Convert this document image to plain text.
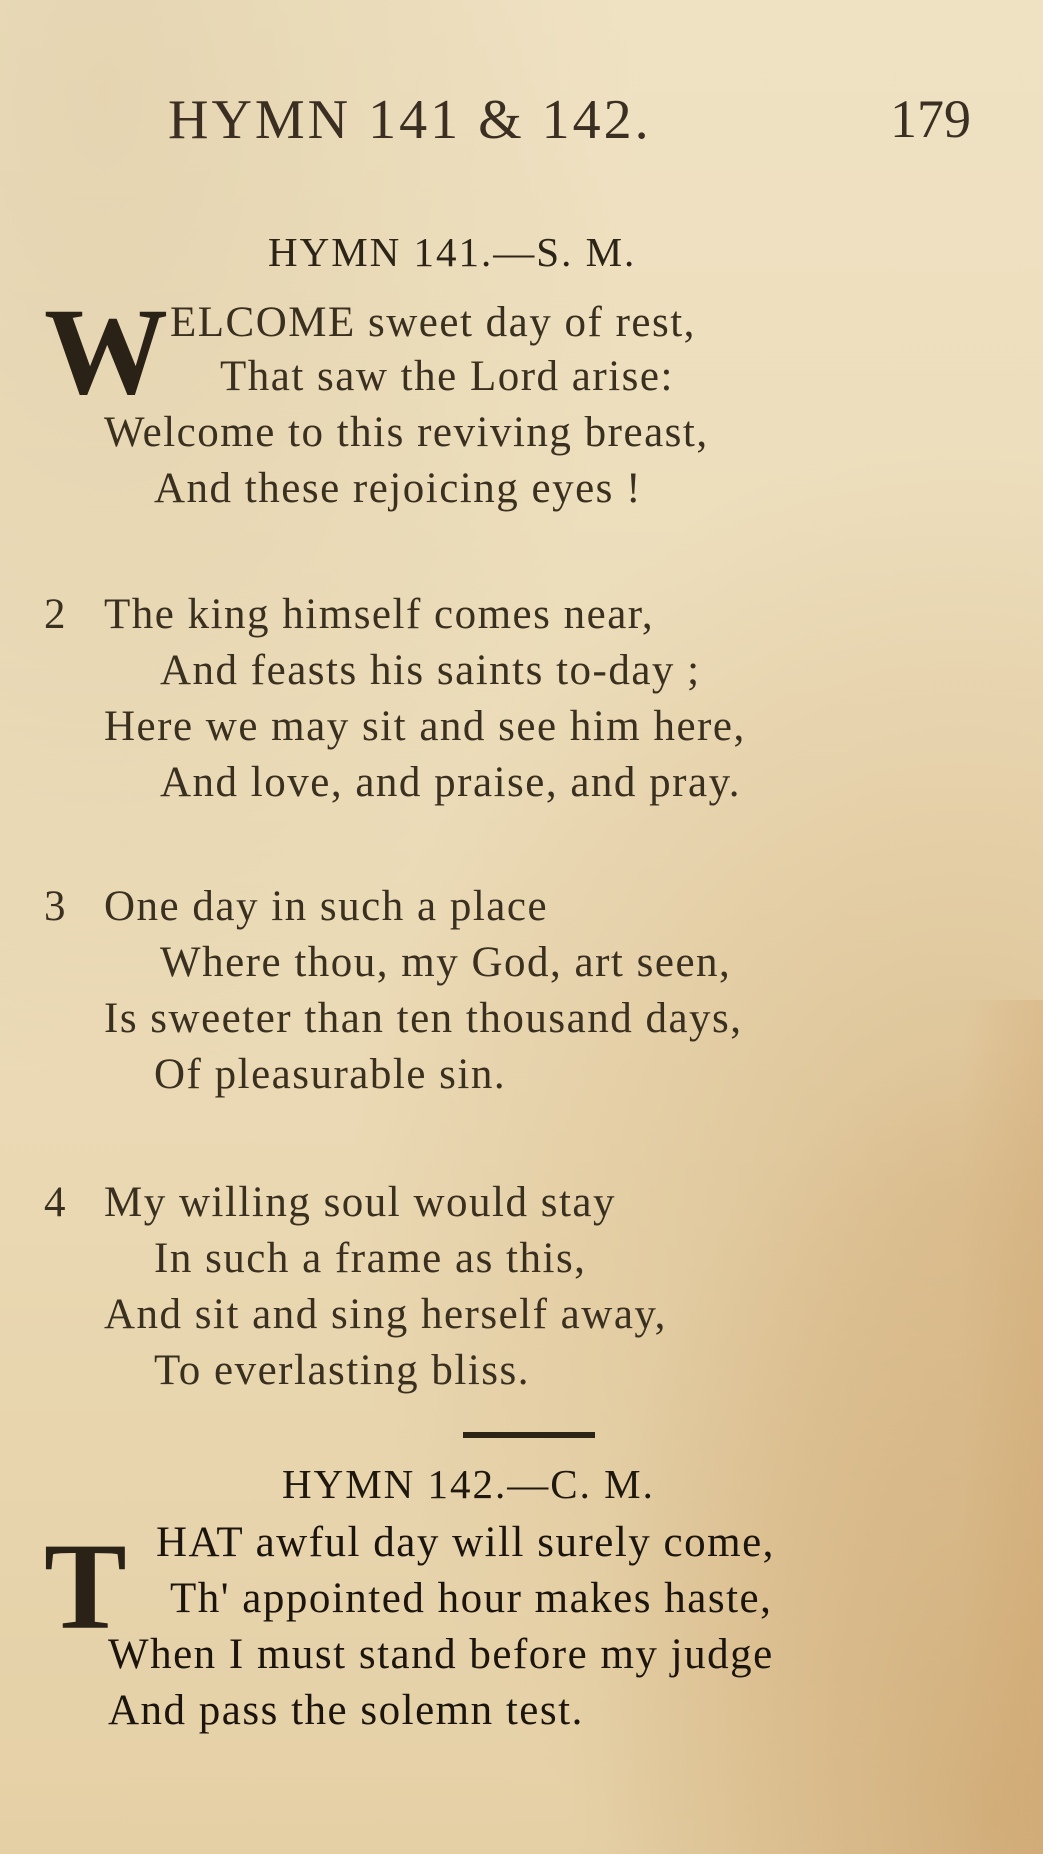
HYMN 141 & 142.	179
HYMN 141.—S. M.
W ELCOME sweet day of rest,
That saw the Lord arise:
Welcome to this reviving breast,
And these rejoicing eyes !
2 The king himself comes near,
And feasts his saints to-day ;
Here we may sit and see him here,
And love, and praise, and pray.
3 One day in such a place
Where thou, my God, art seen,
Is sweeter than ten thousand days,
Of pleasurable sin.
4 My willing soul would stay
In such a frame as this,
And sit and sing herself away,
To everlasting bliss.
HYMN 142.—C. M.
T HAT awful day will surely come,
Th' appointed hour makes haste,
When I must stand before my judge
And pass the solemn test.
